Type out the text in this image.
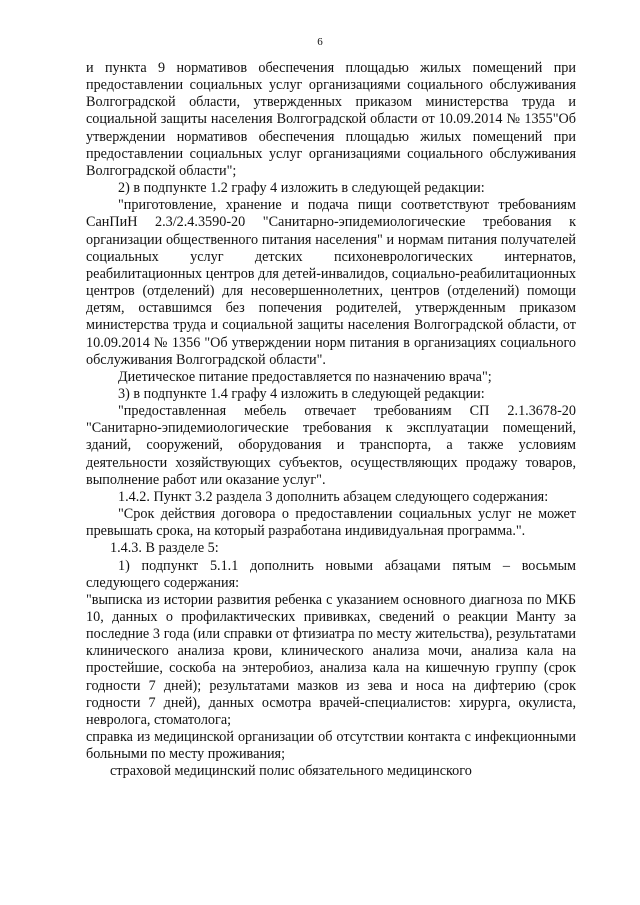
6

и пункта 9 нормативов обеспечения площадью жилых помещений при предоставлении социальных услуг организациями социального обслуживания Волгоградской области, утвержденных приказом министерства труда и социальной защиты населения Волгоградской области от 10.09.2014 № 1355"Об утверждении нормативов обеспечения площадью жилых помещений при предоставлении социальных услуг организациями социального обслуживания Волгоградской области";

2) в подпункте 1.2 графу 4 изложить в следующей редакции:

"приготовление, хранение и подача пищи соответствуют требованиям СанПиН 2.3/2.4.3590-20 "Санитарно-эпидемиологические требования к организации общественного питания населения" и нормам питания получателей социальных услуг детских психоневрологических интернатов, реабилитационных центров для детей-инвалидов, социально-реабилитационных центров (отделений) для несовершеннолетних, центров (отделений) помощи детям, оставшимся без попечения родителей, утвержденным приказом министерства труда и социальной защиты населения Волгоградской области, от 10.09.2014 № 1356 "Об утверждении норм питания в организациях социального обслуживания Волгоградской области".

Диетическое питание предоставляется по назначению врача";

3) в подпункте 1.4 графу 4 изложить в следующей редакции:

"предоставленная мебель отвечает требованиям СП 2.1.3678-20 "Санитарно-эпидемиологические требования к эксплуатации помещений, зданий, сооружений, оборудования и транспорта, а также условиям деятельности хозяйствующих субъектов, осуществляющих продажу товаров, выполнение работ или оказание услуг".

1.4.2. Пункт 3.2 раздела 3 дополнить абзацем следующего содержания:

"Срок действия договора о предоставлении социальных услуг не может превышать срока, на который разработана индивидуальная программа.".

1.4.3. В разделе 5:

1) подпункт 5.1.1 дополнить новыми абзацами пятым – восьмым следующего содержания:

"выписка из истории развития ребенка с указанием основного диагноза по МКБ 10, данных о профилактических прививках, сведений о реакции Манту за последние 3 года (или справки от фтизиатра по месту жительства), результатами клинического анализа крови, клинического анализа мочи, анализа кала на простейшие, соскоба на энтеробиоз, анализа кала на кишечную группу (срок годности 7 дней); результатами мазков из зева и носа на дифтерию (срок годности 7 дней), данных осмотра врачей-специалистов: хирурга, окулиста, невролога, стоматолога;

справка из медицинской организации об отсутствии контакта с инфекционными больными по месту проживания;

страховой медицинский полис обязательного медицинского
